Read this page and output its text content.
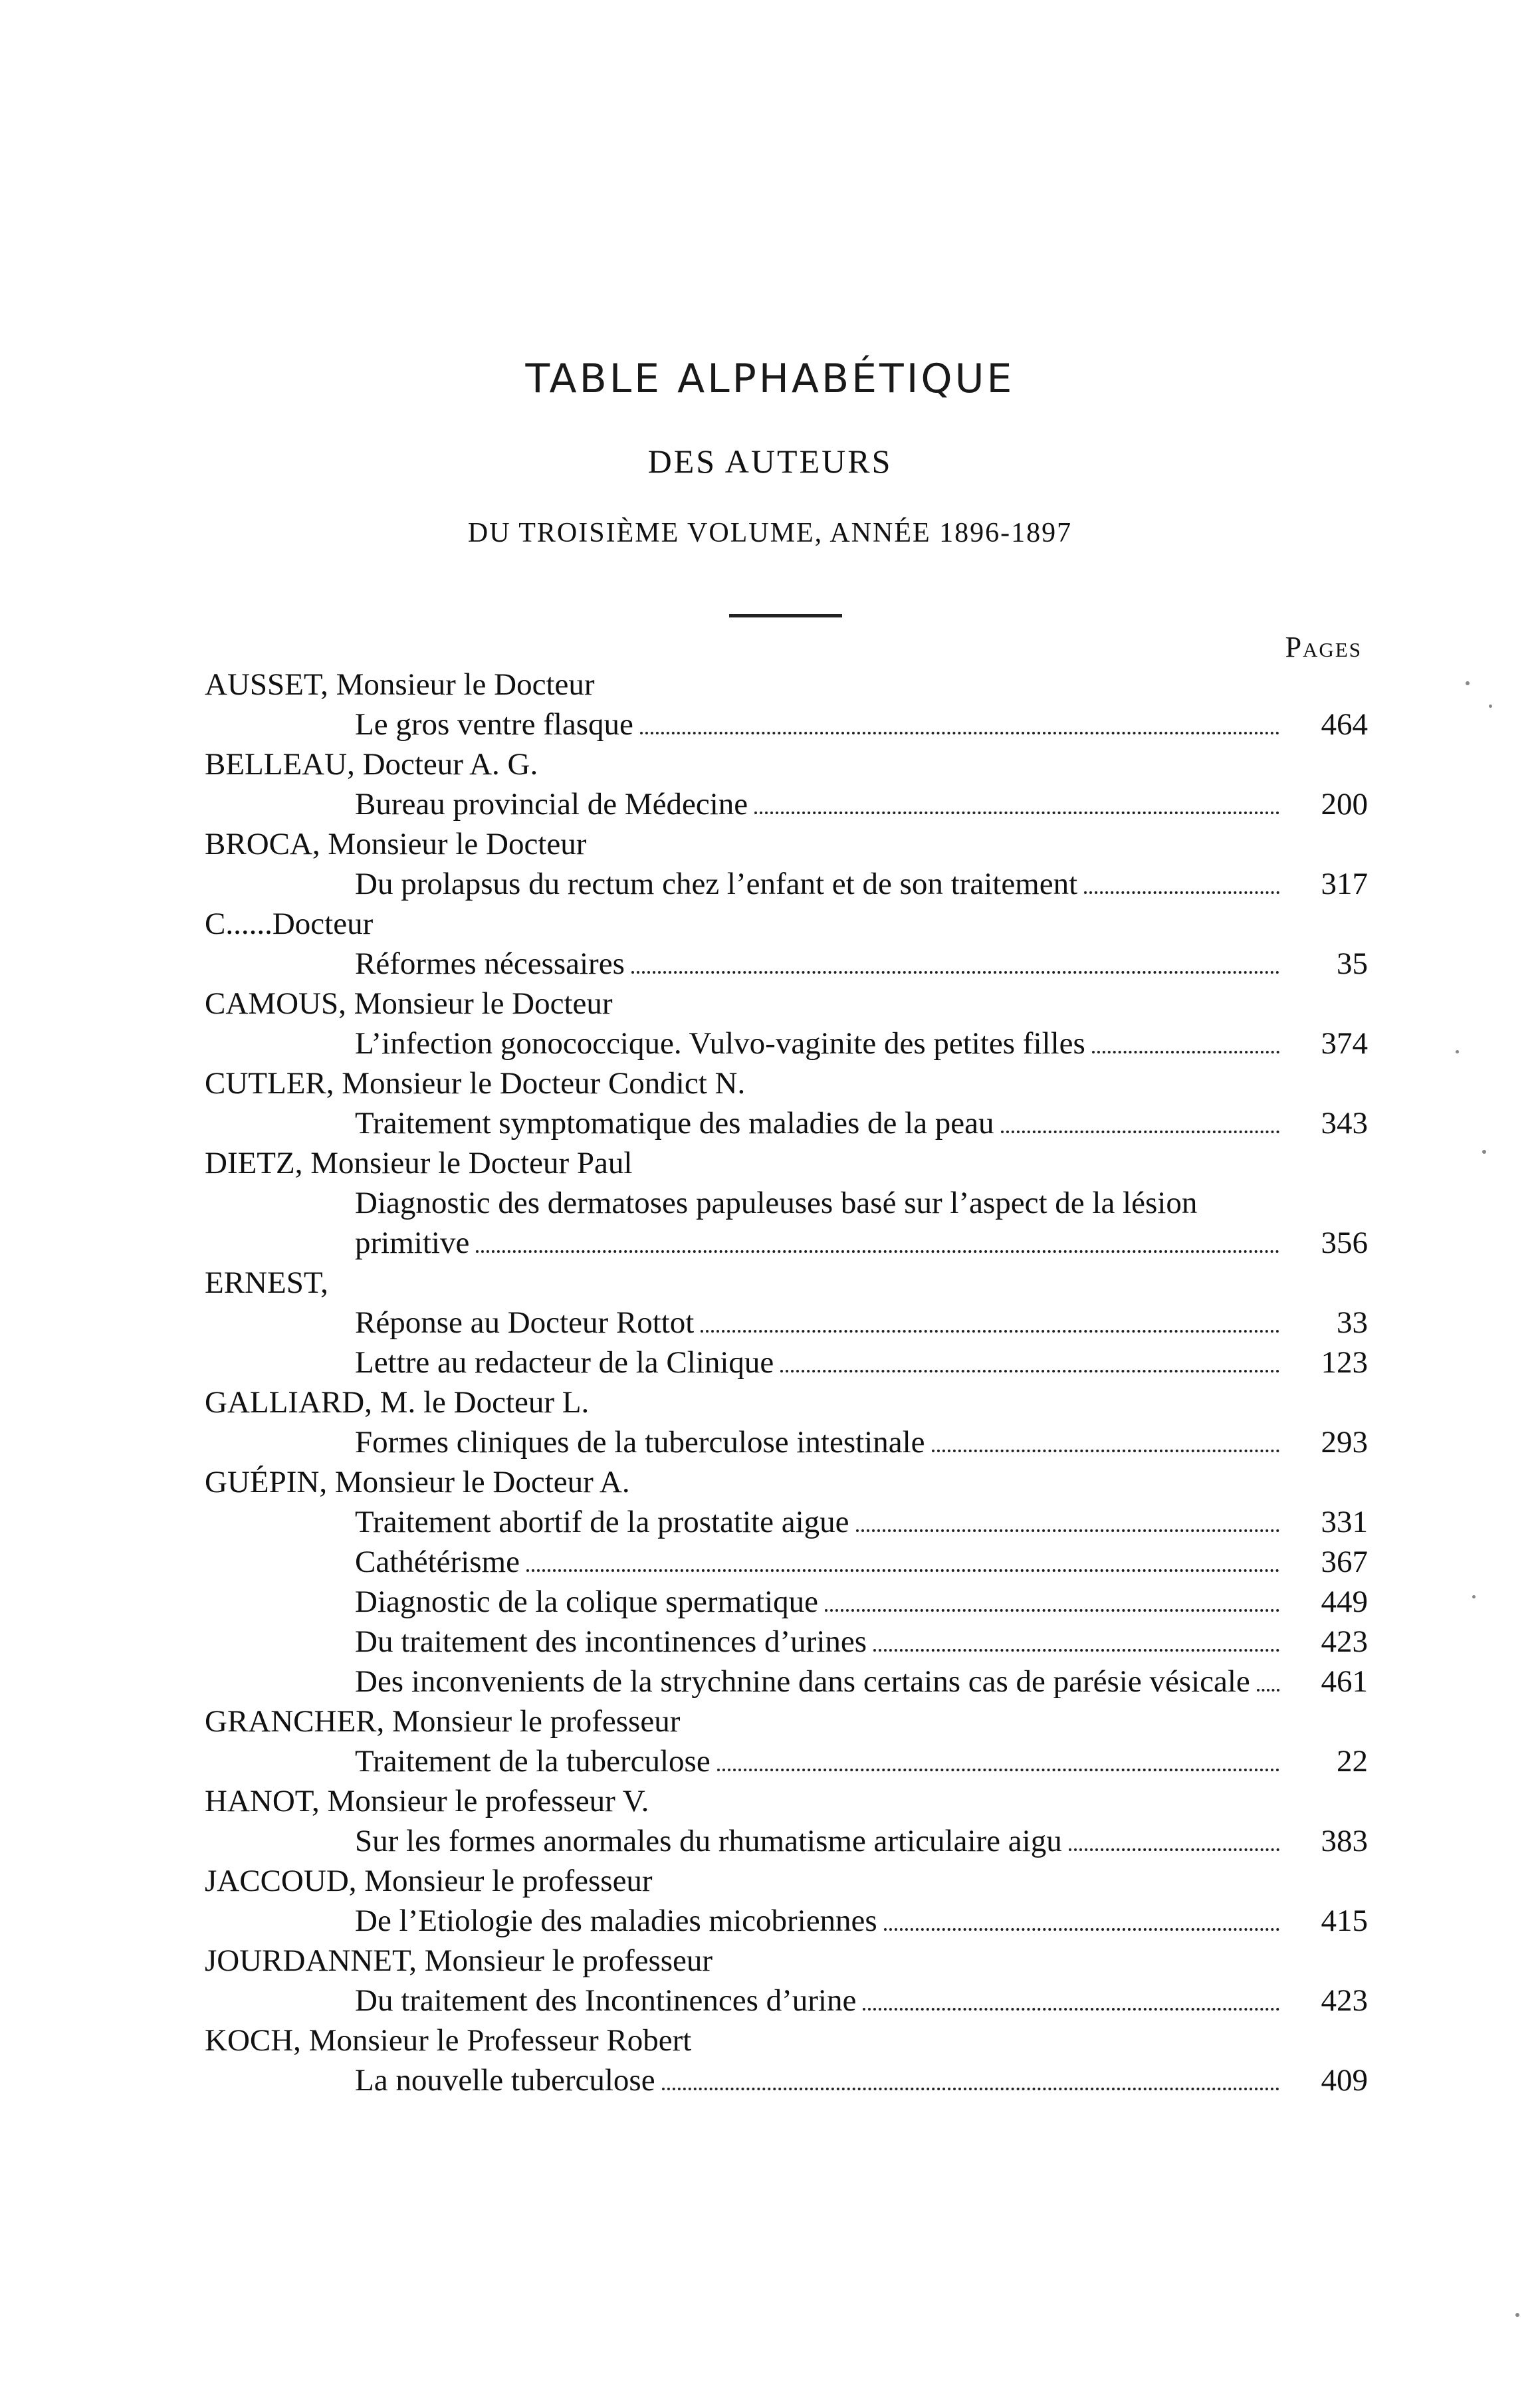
TABLE ALPHABÉTIQUE
DES AUTEURS
DU TROISIÈME VOLUME, ANNÉE 1896-1897
Pages
AUSSET, Monsieur le Docteur
Le gros ventre flasque	464
BELLEAU, Docteur A. G.
Bureau provincial de Médecine	200
BROCA, Monsieur le Docteur
Du prolapsus du rectum chez l’enfant et de son traitement	317
C......Docteur
Réformes nécessaires	35
CAMOUS, Monsieur le Docteur
L’infection gonococcique. Vulvo-vaginite des petites filles	374
CUTLER, Monsieur le Docteur Condict N.
Traitement symptomatique des maladies de la peau	343
DIETZ, Monsieur le Docteur Paul
Diagnostic des dermatoses papuleuses basé sur l’aspect de la lésion primitive	356
ERNEST,
Réponse au Docteur Rottot	33
Lettre au redacteur de la Clinique	123
GALLIARD, M. le Docteur L.
Formes cliniques de la tuberculose intestinale	293
GUÉPIN, Monsieur le Docteur A.
Traitement abortif de la prostatite aigue	331
Cathétérisme	367
Diagnostic de la colique spermatique	449
Du traitement des incontinences d’urines	423
Des inconvenients de la strychnine dans certains cas de parésie vésicale	461
GRANCHER, Monsieur le professeur
Traitement de la tuberculose	22
HANOT, Monsieur le professeur V.
Sur les formes anormales du rhumatisme articulaire aigu	383
JACCOUD, Monsieur le professeur
De l’Etiologie des maladies micobriennes	415
JOURDANNET, Monsieur le professeur
Du traitement des Incontinences d’urine	423
KOCH, Monsieur le Professeur Robert
La nouvelle tuberculose	409
